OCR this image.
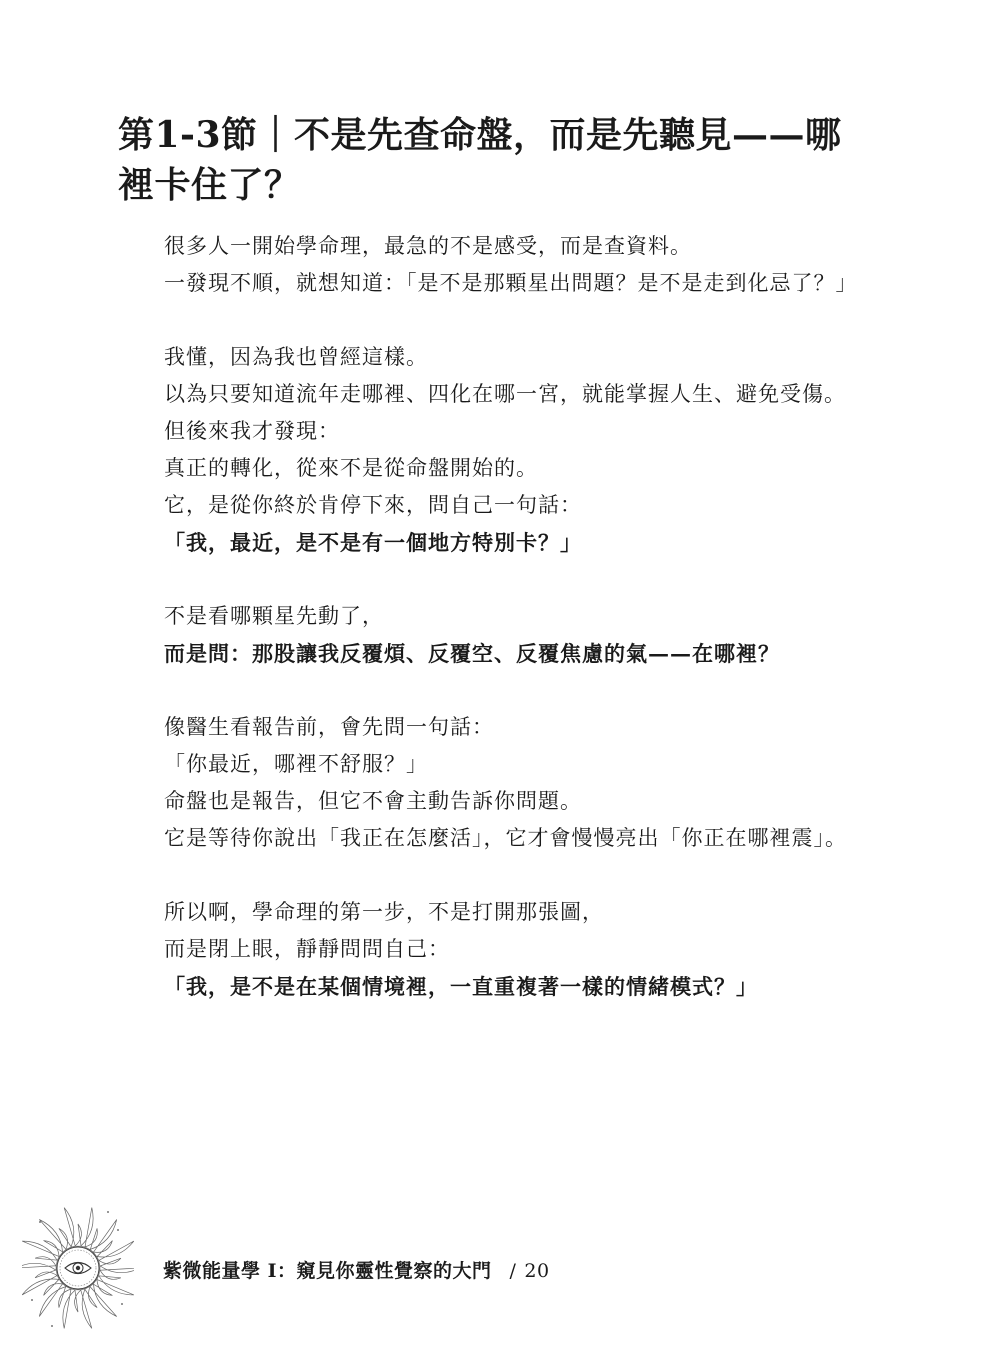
第1-3節｜不是先查命盤，而是先聽見——哪裡卡住了？

很多人一開始學命理，最急的不是感受，而是查資料。

一發現不順，就想知道：「是不是那顆星出問題？是不是走到化忌了？」

我懂，因為我也曾經這樣。

以為只要知道流年走哪裡、四化在哪一宮，就能掌握人生、避免受傷。

但後來我才發現：

真正的轉化，從來不是從命盤開始的。

它，是從你終於肯停下來，問自己一句話：

「我，最近，是不是有一個地方特別卡？」

不是看哪顆星先動了，

而是問：那股讓我反覆煩、反覆空、反覆焦慮的氣——在哪裡？

像醫生看報告前，會先問一句話：

「你最近，哪裡不舒服？」

命盤也是報告，但它不會主動告訴你問題。

它是等待你說出「我正在怎麼活」，它才會慢慢亮出「你正在哪裡震」。

所以啊，學命理的第一步，不是打開那張圖，

而是閉上眼，靜靜問問自己：

「我，是不是在某個情境裡，一直重複著一樣的情緒模式？」

紫微能量學 I：窺見你靈性覺察的大門 / 20
